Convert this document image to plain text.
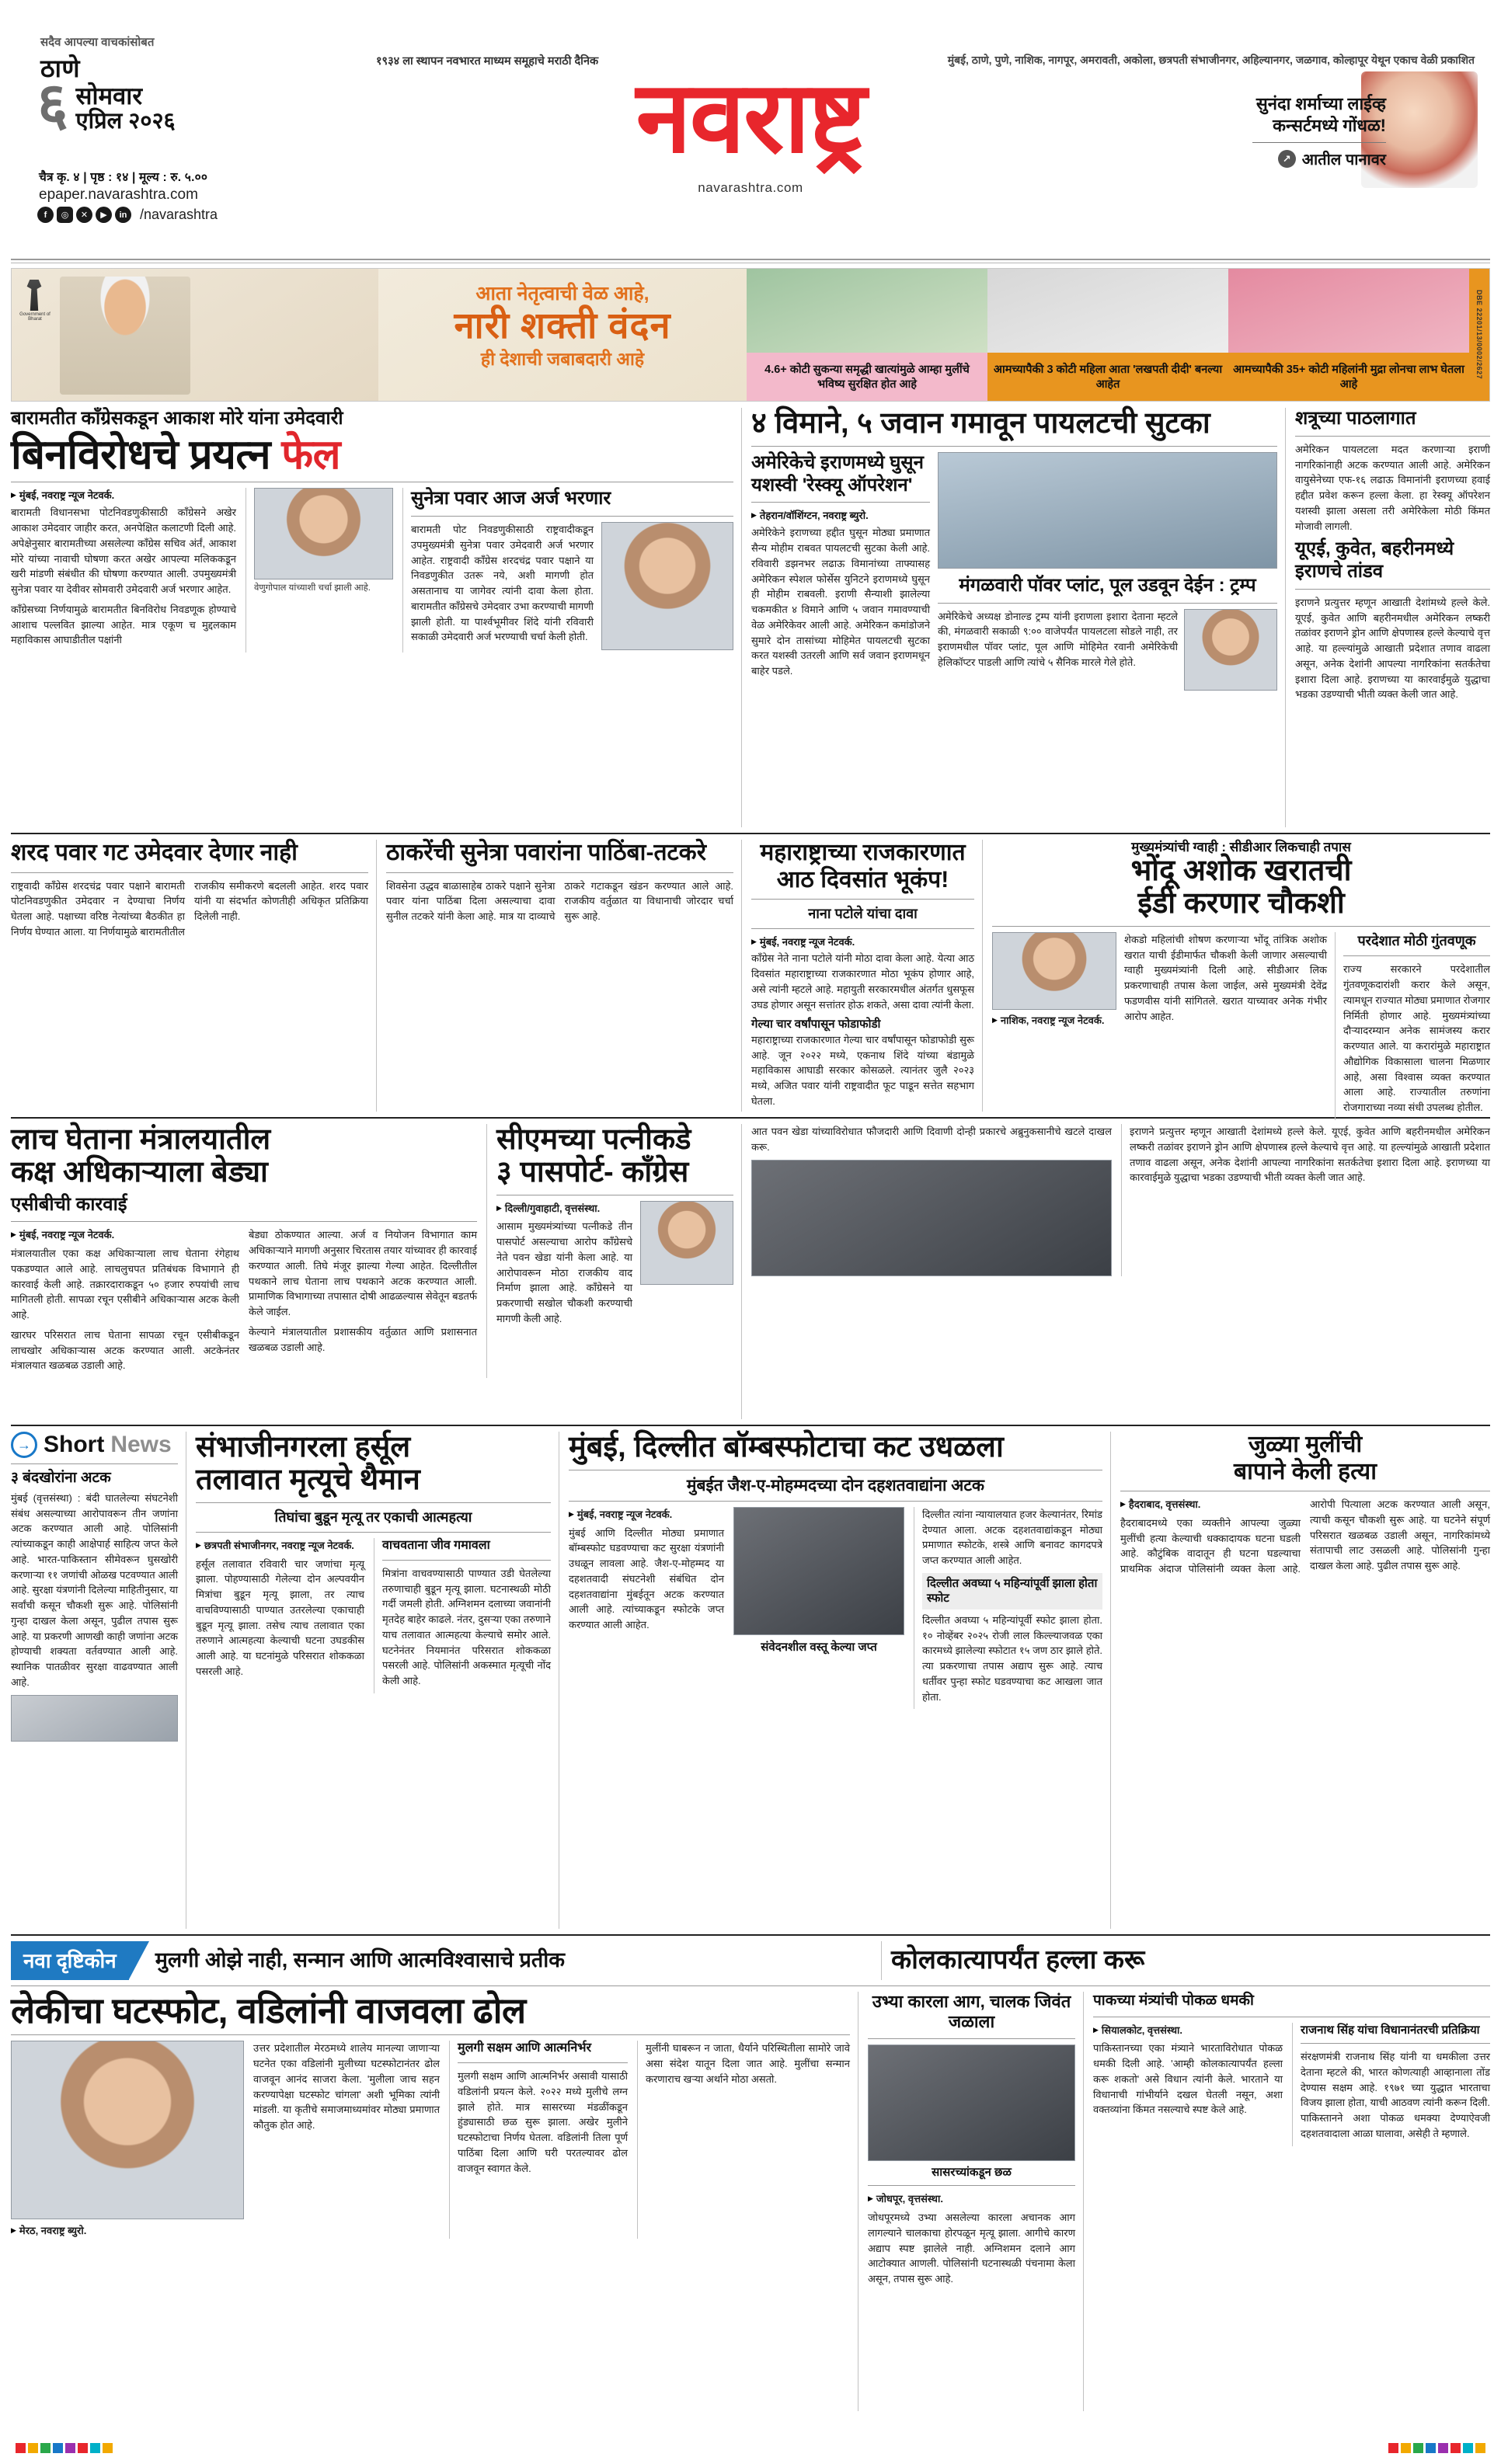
सदैव आपल्या वाचकांसोबत
ठाणे
६ सोमवार
एप्रिल २०२६
चैत्र कृ. ४ | पृष्ठ : १४ | मूल्य : रु. ५.००
epaper.navarashtra.com
f	◎	✕	▶	in /navarashtra
१९३४ ला स्थापन नवभारत माध्यम समूहाचे मराठी दैनिक	मुंबई, ठाणे, पुणे, नाशिक, नागपूर, अमरावती, अकोला, छत्रपती संभाजीनगर, अहिल्यानगर, जळगाव, कोल्हापूर येथून एकाच वेळी प्रकाशित
नवराष्ट्र
navarashtra.com
सुनंदा शर्माच्या लाईव्ह कन्सर्टमध्ये गोंधळ!
↗ आतील पानावर
Government of Bharat
आता नेतृत्वाची वेळ आहे,
नारी शक्ती वंदन
ही देशाची जबाबदारी आहे
4.6+ कोटी सुकन्या समृद्धी खात्यांमुळे आम्हा मुलींचे भविष्य सुरक्षित होत आहे
आमच्यापैकी 3 कोटी महिला आता 'लखपती दीदी' बनल्या आहेत
आमच्यापैकी 35+ कोटी महिलांनी मुद्रा लोनचा लाभ घेतला आहे
DBE 22201/13/0002/2627
बारामतीत काँग्रेसकडून आकाश मोरे यांना उमेदवारी
बिनविरोधचे प्रयत्न फेल
▶ मुंबई, नवराष्ट्र न्यूज नेटवर्क.

बारामती विधानसभा पोटनिवडणुकीसाठी काँग्रेसने अखेर आकाश उमेदवार जाहीर करत, अनपेक्षित कलाटणी दिली आहे. अपेक्षेनुसार बारामतीच्या असलेल्या काँग्रेस सचिव अंर्तं, आकाश मोरे यांच्या नावाची घोषणा करत अखेर आपल्या मलिककडून खरी मांडणी संबंधीत की घोषणा करण्यात आली. उपमुख्यमंत्री सुनेत्रा पवार या देवीवर सोमवारी उमेदवारी अर्ज भरणार आहेत.

काँग्रेसच्या निर्णयामुळे बारामतीत बिनविरोध निवडणूक होण्याचे आशाच पल्लवित झाल्या आहेत. मात्र एकूण च मुद्दलकाम महाविकास आघाडीतील पक्षांनी

वेणुगोपाल यांच्याशी चर्चा झाली आहे.
सुनेत्रा पवार आज अर्ज भरणार

बारामती पोट निवडणुकीसाठी राष्ट्रवादीकडून उपमुख्यमंत्री सुनेत्रा पवार उमेदवारी अर्ज भरणार आहेत. राष्ट्रवादी काँग्रेस शरदचंद्र पवार पक्षाने या निवडणुकीत उतरू नये, अशी मागणी होत असतानाच या जागेवर त्यांनी दावा केला होता. बारामतीत काँग्रेसचे उमेदवार उभा करण्याची मागणी झाली होती. या पार्श्वभूमीवर शिंदे यांनी रविवारी सकाळी उमेदवारी अर्ज भरण्याची चर्चा केली होती.

४ विमाने, ५ जवान गमावून पायलटची सुटका
अमेरिकेचे इराणमध्ये घुसून
यशस्वी 'रेस्क्यू ऑपरेशन'
▶ तेहरान/वॉशिंग्टन, नवराष्ट्र ब्युरो.

अमेरिकेने इराणच्या हद्दीत घुसून मोठ्या प्रमाणात सैन्य मोहीम राबवत पायलटची सुटका केली आहे. रविवारी डझनभर लढाऊ विमानांच्या ताफ्यासह अमेरिकन स्पेशल फोर्सेस युनिटने इराणमध्ये घुसून ही मोहीम राबवली. इराणी सैन्याशी झालेल्या चकमकीत ४ विमाने आणि ५ जवान गमावण्याची वेळ अमेरिकेवर आली आहे. अमेरिकन कमांडोजने सुमारे दोन तासांच्या मोहिमेत पायलटची सुटका करत यशस्वी उतरली आणि सर्व जवान इराणमधून बाहेर पडले.

मंगळवारी पॉवर प्लांट, पूल उडवून देईन : ट्रम्प

अमेरिकेचे अध्यक्ष डोनाल्ड ट्रम्प यांनी इराणला इशारा देताना म्हटले की, मंगळवारी सकाळी ९:०० वाजेपर्यंत पायलटला सोडले नाही, तर इराणमधील पॉवर प्लांट, पूल आणि मोहिमेत रवानी अमेरिकेची हेलिकॉप्टर पाडली आणि त्यांचे ५ सैनिक मारले गेले होते.

शत्रूच्या पाठलागात

अमेरिकन पायलटला मदत करणाऱ्या इराणी नागरिकांनाही अटक करण्यात आली आहे. अमेरिकन वायुसेनेच्या एफ-१६ लढाऊ विमानांनी इराणच्या हवाई हद्दीत प्रवेश करून हल्ला केला. हा रेस्क्यू ऑपरेशन यशस्वी झाला असला तरी अमेरिकेला मोठी किंमत मोजावी लागली.

यूएई, कुवेत, बहरीनमध्ये इराणचे तांडव

इराणने प्रत्युत्तर म्हणून आखाती देशांमध्ये हल्ले केले. यूएई, कुवेत आणि बहरीनमधील अमेरिकन लष्करी तळांवर इराणने ड्रोन आणि क्षेपणास्त्र हल्ले केल्याचे वृत्त आहे. या हल्ल्यांमुळे आखाती प्रदेशात तणाव वाढला असून, अनेक देशांनी आपल्या नागरिकांना सतर्कतेचा इशारा दिला आहे. इराणच्या या कारवाईमुळे युद्धाचा भडका उडण्याची भीती व्यक्त केली जात आहे.

शरद पवार गट उमेदवार देणार नाही

राष्ट्रवादी काँग्रेस शरदचंद्र पवार पक्षाने बारामती पोटनिवडणुकीत उमेदवार न देण्याचा निर्णय घेतला आहे. पक्षाच्या वरिष्ठ नेत्यांच्या बैठकीत हा निर्णय घेण्यात आला. या निर्णयामुळे बारामतीतील राजकीय समीकरणे बदलली आहेत. शरद पवार यांनी या संदर्भात कोणतीही अधिकृत प्रतिक्रिया दिलेली नाही.

ठाकरेंची सुनेत्रा पवारांना पाठिंबा-तटकरे

शिवसेना उद्धव बाळासाहेब ठाकरे पक्षाने सुनेत्रा पवार यांना पाठिंबा दिला असल्याचा दावा सुनील तटकरे यांनी केला आहे. मात्र या दाव्याचे ठाकरे गटाकडून खंडन करण्यात आले आहे. राजकीय वर्तुळात या विधानाची जोरदार चर्चा सुरू आहे.

महाराष्ट्राच्या राजकारणात
आठ दिवसांत भूकंप!
नाना पटोले यांचा दावा
▶ मुंबई, नवराष्ट्र न्यूज नेटवर्क.

काँग्रेस नेते नाना पटोले यांनी मोठा दावा केला आहे. येत्या आठ दिवसांत महाराष्ट्राच्या राजकारणात मोठा भूकंप होणार आहे, असे त्यांनी म्हटले आहे. महायुती सरकारमधील अंतर्गत धुसफूस उघड होणार असून सत्तांतर होऊ शकते, असा दावा त्यांनी केला.

गेल्या चार वर्षांपासून फोडाफोडी

महाराष्ट्राच्या राजकारणात गेल्या चार वर्षांपासून फोडाफोडी सुरू आहे. जून २०२२ मध्ये, एकनाथ शिंदे यांच्या बंडामुळे महाविकास आघाडी सरकार कोसळले. त्यानंतर जुलै २०२३ मध्ये, अजित पवार यांनी राष्ट्रवादीत फूट पाडून सत्तेत सहभाग घेतला.

मुख्यमंत्र्यांची ग्वाही : सीडीआर लिकचाही तपास
भोंदू अशोक खरातची
ईडी करणार चौकशी
▶ नाशिक, नवराष्ट्र न्यूज नेटवर्क.

शेकडो महिलांची शोषण करणाऱ्या भोंदू तांत्रिक अशोक खरात याची ईडीमार्फत चौकशी केली जाणार असल्याची ग्वाही मुख्यमंत्र्यांनी दिली आहे. सीडीआर लिक प्रकरणाचाही तपास केला जाईल, असे मुख्यमंत्री देवेंद्र फडणवीस यांनी सांगितले. खरात याच्यावर अनेक गंभीर आरोप आहेत.

परदेशात मोठी गुंतवणूक

राज्य सरकारने परदेशातील गुंतवणूकदारांशी करार केले असून, त्यामधून राज्यात मोठ्या प्रमाणात रोजगार निर्मिती होणार आहे. मुख्यमंत्र्यांच्या दौऱ्यादरम्यान अनेक सामंजस्य करार करण्यात आले. या करारांमुळे महाराष्ट्रात औद्योगिक विकासाला चालना मिळणार आहे, असा विश्वास व्यक्त करण्यात आला आहे. राज्यातील तरुणांना रोजगाराच्या नव्या संधी उपलब्ध होतील.

लाच घेताना मंत्रालयातील
कक्ष अधिकाऱ्याला बेड्या
एसीबीची कारवाई
▶ मुंबई, नवराष्ट्र न्यूज नेटवर्क.

मंत्रालयातील एका कक्ष अधिकाऱ्याला लाच घेताना रंगेहाथ पकडण्यात आले आहे. लाचलुचपत प्रतिबंधक विभागाने ही कारवाई केली आहे. तक्रारदाराकडून ५० हजार रुपयांची लाच मागितली होती. सापळा रचून एसीबीने अधिकाऱ्यास अटक केली आहे.

खारघर परिसरात लाच घेताना सापळा रचून एसीबीकडून लाचखोर अधिकाऱ्यास अटक करण्यात आली. अटकेनंतर मंत्रालयात खळबळ उडाली आहे.

बेड्या ठोकण्यात आल्या. अर्ज व नियोजन विभागात काम अधिकाऱ्याने मागणी अनुसार चिरतास तयार यांच्यावर ही कारवाई करण्यात आली. तिघे मंजूर झाल्या गेल्या आहेत. दिल्लीतील पथकाने लाच घेताना लाच पथकाने अटक करण्यात आली. प्रामाणिक विभागाच्या तपासात दोषी आढळल्यास सेवेतून बडतर्फ केले जाईल.

केल्याने मंत्रालयातील प्रशासकीय वर्तुळात आणि प्रशासनात खळबळ उडाली आहे.

सीएमच्या पत्नीकडे
३ पासपोर्ट- काँग्रेस
▶ दिल्ली/गुवाहाटी, वृत्तसंस्था.

आसाम मुख्यमंत्र्यांच्या पत्नीकडे तीन पासपोर्ट असल्याचा आरोप काँग्रेसचे नेते पवन खेडा यांनी केला आहे. या आरोपावरून मोठा राजकीय वाद निर्माण झाला आहे. काँग्रेसने या प्रकरणाची सखोल चौकशी करण्याची मागणी केली आहे.

आत पवन खेडा यांच्याविरोधात फौजदारी आणि दिवाणी दोन्ही प्रकारचे अब्रुनुकसानीचे खटले दाखल करू.

इराणने प्रत्युत्तर म्हणून आखाती देशांमध्ये हल्ले केले. यूएई, कुवेत आणि बहरीनमधील अमेरिकन लष्करी तळांवर इराणने ड्रोन आणि क्षेपणास्त्र हल्ले केल्याचे वृत्त आहे. या हल्ल्यांमुळे आखाती प्रदेशात तणाव वाढला असून, अनेक देशांनी आपल्या नागरिकांना सतर्कतेचा इशारा दिला आहे. इराणच्या या कारवाईमुळे युद्धाचा भडका उडण्याची भीती व्यक्त केली जात आहे.

→ Short News
३ बंदखोरांना अटक

मुंबई (वृत्तसंस्था) : बंदी घातलेल्या संघटनेशी संबंध असल्याच्या आरोपावरून तीन जणांना अटक करण्यात आली आहे. पोलिसांनी त्यांच्याकडून काही आक्षेपार्ह साहित्य जप्त केले आहे. भारत-पाकिस्तान सीमेवरून घुसखोरी करणाऱ्या ११ जणांची ओळख पटवण्यात आली आहे. सुरक्षा यंत्रणांनी दिलेल्या माहितीनुसार, या सर्वांची कसून चौकशी सुरू आहे. पोलिसांनी गुन्हा दाखल केला असून, पुढील तपास सुरू आहे. या प्रकरणी आणखी काही जणांना अटक होण्याची शक्यता वर्तवण्यात आली आहे. स्थानिक पातळीवर सुरक्षा वाढवण्यात आली आहे.

संभाजीनगरला हर्सूल
तलावात मृत्यूचे थैमान
तिघांचा बुडून मृत्यू तर एकाची आत्महत्या
▶ छत्रपती संभाजीनगर, नवराष्ट्र न्यूज नेटवर्क.

हर्सूल तलावात रविवारी चार जणांचा मृत्यू झाला. पोहण्यासाठी गेलेल्या दोन अल्पवयीन मित्रांचा बुडून मृत्यू झाला, तर त्याच वाचविण्यासाठी पाण्यात उतरलेल्या एकाचाही बुडून मृत्यू झाला. तसेच त्याच तलावात एका तरुणाने आत्महत्या केल्याची घटना उघडकीस आली आहे. या घटनांमुळे परिसरात शोककळा पसरली आहे.

वाचवताना जीव गमावला

मित्रांना वाचवण्यासाठी पाण्यात उडी घेतलेल्या तरुणाचाही बुडून मृत्यू झाला. घटनास्थळी मोठी गर्दी जमली होती. अग्निशमन दलाच्या जवानांनी मृतदेह बाहेर काढले. नंतर, दुसऱ्या एका तरुणाने याच तलावात आत्महत्या केल्याचे समोर आले. घटनेनंतर नियमानंत परिसरात शोककळा पसरली आहे. पोलिसांनी अकस्मात मृत्यूची नोंद केली आहे.

मुंबई, दिल्लीत बॉम्बस्फोटाचा कट उधळला
मुंबईत जैश-ए-मोहम्मदच्या दोन दहशतवाद्यांना अटक
▶ मुंबई, नवराष्ट्र न्यूज नेटवर्क.

मुंबई आणि दिल्लीत मोठ्या प्रमाणात बॉम्बस्फोट घडवण्याचा कट सुरक्षा यंत्रणांनी उधळून लावला आहे. जैश-ए-मोहम्मद या दहशतवादी संघटनेशी संबंधित दोन दहशतवाद्यांना मुंबईतून अटक करण्यात आली आहे. त्यांच्याकडून स्फोटके जप्त करण्यात आली आहेत.

संवेदनशील वस्तू केल्या जप्त

दिल्लीत त्यांना न्यायालयात हजर केल्यानंतर, रिमांड देण्यात आला. अटक दहशतवाद्यांकडून मोठ्या प्रमाणात स्फोटके, शस्त्रे आणि बनावट कागदपत्रे जप्त करण्यात आली आहेत.

दिल्लीत अवघ्या ५ महिन्यांपूर्वी झाला होता स्फोट

दिल्लीत अवघ्या ५ महिन्यांपूर्वी स्फोट झाला होता. १० नोव्हेंबर २०२५ रोजी लाल किल्ल्याजवळ एका कारमध्ये झालेल्या स्फोटात १५ जण ठार झाले होते. त्या प्रकरणाचा तपास अद्याप सुरू आहे. त्याच धर्तीवर पुन्हा स्फोट घडवण्याचा कट आखला जात होता.

जुळ्या मुलींची
बापाने केली हत्या
▶ हैदराबाद, वृत्तसंस्था.

हैदराबादमध्ये एका व्यक्तीने आपल्या जुळ्या मुलींची हत्या केल्याची धक्कादायक घटना घडली आहे. कौटुंबिक वादातून ही घटना घडल्याचा प्राथमिक अंदाज पोलिसांनी व्यक्त केला आहे. आरोपी पित्याला अटक करण्यात आली असून, त्याची कसून चौकशी सुरू आहे. या घटनेने संपूर्ण परिसरात खळबळ उडाली असून, नागरिकांमध्ये संतापाची लाट उसळली आहे. पोलिसांनी गुन्हा दाखल केला आहे. पुढील तपास सुरू आहे.

नवा दृष्टिकोन	मुलगी ओझे नाही, सन्मान आणि आत्मविश्वासाचे प्रतीक	कोलकात्यापर्यंत हल्ला करू
लेकीचा घटस्फोट, वडिलांनी वाजवला ढोल
▶ मेरठ, नवराष्ट्र ब्युरो.

उत्तर प्रदेशातील मेरठमध्ये शालेय मानल्या जाणाऱ्या घटनेत एका वडिलांनी मुलीच्या घटस्फोटानंतर ढोल वाजवून आनंद साजरा केला. 'मुलीला जाच सहन करण्यापेक्षा घटस्फोट चांगला' अशी भूमिका त्यांनी मांडली. या कृतीचे समाजमाध्यमांवर मोठ्या प्रमाणात कौतुक होत आहे.

मुलगी सक्षम आणि आत्मनिर्भर

मुलगी सक्षम आणि आत्मनिर्भर असावी यासाठी वडिलांनी प्रयत्न केले. २०२२ मध्ये मुलीचे लग्न झाले होते. मात्र सासरच्या मंडळींकडून हुंड्यासाठी छळ सुरू झाला. अखेर मुलीने घटस्फोटाचा निर्णय घेतला. वडिलांनी तिला पूर्ण पाठिंबा दिला आणि घरी परतल्यावर ढोल वाजवून स्वागत केले.

मुलींनी घाबरून न जाता, धैर्याने परिस्थितीला सामोरे जावे असा संदेश यातून दिला जात आहे. मुलींचा सन्मान करणाराच खऱ्या अर्थाने मोठा असतो.

उभ्या कारला आग, चालक जिवंत जळाला
सासरच्यांकडून छळ
▶ जोधपूर, वृत्तसंस्था.

जोधपूरमध्ये उभ्या असलेल्या कारला अचानक आग लागल्याने चालकाचा होरपळून मृत्यू झाला. आगीचे कारण अद्याप स्पष्ट झालेले नाही. अग्निशमन दलाने आग आटोक्यात आणली. पोलिसांनी घटनास्थळी पंचनामा केला असून, तपास सुरू आहे.

पाकच्या मंत्र्यांची पोकळ धमकी
▶ सियालकोट, वृत्तसंस्था.

पाकिस्तानच्या एका मंत्र्याने भारताविरोधात पोकळ धमकी दिली आहे. 'आम्ही कोलकात्यापर्यंत हल्ला करू शकतो' असे विधान त्यांनी केले. भारताने या विधानाची गांभीर्याने दखल घेतली नसून, अशा वक्तव्यांना किंमत नसल्याचे स्पष्ट केले आहे.

राजनाथ सिंह यांचा विधानानंतरची प्रतिक्रिया

संरक्षणमंत्री राजनाथ सिंह यांनी या धमकीला उत्तर देताना म्हटले की, भारत कोणत्याही आव्हानाला तोंड देण्यास सक्षम आहे. १९७१ च्या युद्धात भारताचा विजय झाला होता, याची आठवण त्यांनी करून दिली. पाकिस्तानने अशा पोकळ धमक्या देण्याऐवजी दहशतवादाला आळा घालावा, असेही ते म्हणाले.
